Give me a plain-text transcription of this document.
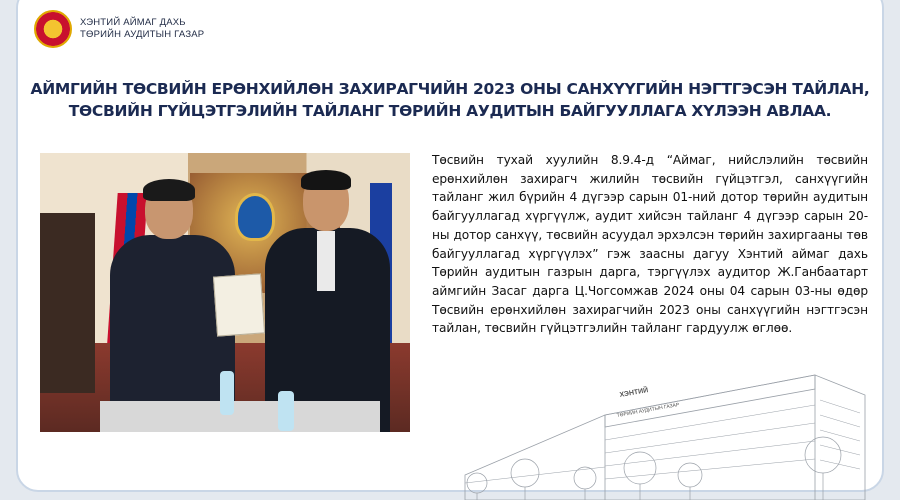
ХЭНТИЙ АЙМАГ ДАХЬ
ТӨРИЙН АУДИТЫН ГАЗАР
АЙМГИЙН ТӨСВИЙН ЕРӨНХИЙЛӨН ЗАХИРАГЧИЙН 2023 ОНЫ САНХҮҮГИЙН НЭГТГЭСЭН ТАЙЛАН,
ТӨСВИЙН ГҮЙЦЭТГЭЛИЙН ТАЙЛАНГ ТӨРИЙН АУДИТЫН БАЙГУУЛЛАГА ХҮЛЭЭН АВЛАА.
Төсвийн тухай хуулийн 8.9.4-д “Аймаг, нийслэлийн төсвийн ерөнхийлөн захирагч жилийн төсвийн гүйцэтгэл, санхүүгийн тайланг жил бүрийн 4 дүгээр сарын 01-ний дотор төрийн аудитын байгууллагад хүргүүлж, аудит хийсэн тайланг 4 дүгээр сарын 20-ны дотор санхүү, төсвийн асуудал эрхэлсэн төрийн захиргааны төв байгууллагад хүргүүлэх” гэж заасны дагуу Хэнтий аймаг дахь Төрийн аудитын газрын дарга, тэргүүлэх аудитор Ж.Ганбаатарт аймгийн Засаг дарга Ц.Чогсомжав 2024 оны 04 сарын 03-ны өдөр Төсвийн ерөнхийлөн захирагчийн 2023 оны санхүүгийн нэгтгэсэн тайлан, төсвийн гүйцэтгэлийн тайланг гардуулж өглөө.
ХЭНТИЙ
ТӨРИЙН АУДИТЫН ГАЗАР
